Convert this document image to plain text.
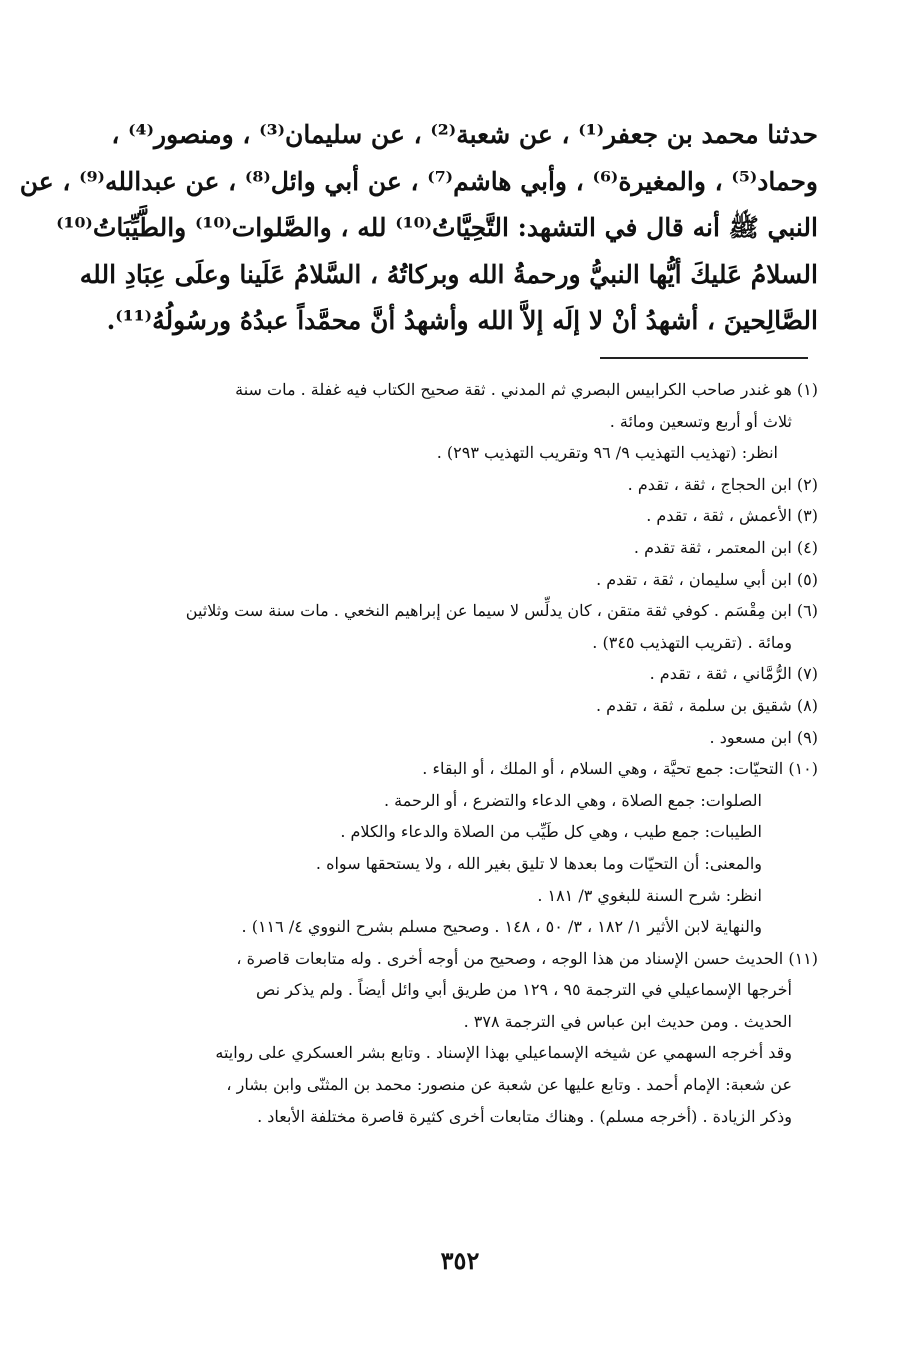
حدثنا محمد بن جعفر⁽¹⁾ ، عن شعبة⁽²⁾ ، عن سليمان⁽³⁾ ، ومنصور⁽⁴⁾ ،
وحماد⁽⁵⁾ ، والمغيرة⁽⁶⁾ ، وأبي هاشم⁽⁷⁾ ، عن أبي وائل⁽⁸⁾ ، عن عبدالله⁽⁹⁾ ، عن
النبي ﷺ أنه قال في التشهد: التَّحِيَّاتُ⁽¹⁰⁾ لله ، والصَّلوات⁽¹⁰⁾ والطَّيِّبَاتُ⁽¹⁰⁾
السلامُ عَليكَ أيُّها النبيُّ ورحمةُ الله وبركاتُهُ ، السَّلامُ عَلَينا وعلَى عِبَادِ الله
الصَّالِحينَ ، أشهدُ أنْ لا إلَه إلاَّ الله وأشهدُ أنَّ محمَّداً عبدُهُ ورسُولُهُ⁽¹¹⁾.
(١) هو غندر صاحب الكرابيس البصري ثم المدني . ثقة صحيح الكتاب فيه غفلة . مات سنة
ثلاث أو أربع وتسعين ومائة .
انظر: (تهذيب التهذيب ٩/ ٩٦ وتقريب التهذيب ٢٩٣) .
(٢) ابن الحجاج ، ثقة ، تقدم .
(٣) الأعمش ، ثقة ، تقدم .
(٤) ابن المعتمر ، ثقة تقدم .
(٥) ابن أبي سليمان ، ثقة ، تقدم .
(٦) ابن مِقْسَم . كوفي ثقة متقن ، كان يدلِّس لا سيما عن إبراهيم النخعي . مات سنة ست وثلاثين
ومائة . (تقريب التهذيب ٣٤٥) .
(٧) الرُّمَّاني ، ثقة ، تقدم .
(٨) شقيق بن سلمة ، ثقة ، تقدم .
(٩) ابن مسعود .
(١٠) التحيّات: جمع تحيَّة ، وهي السلام ، أو الملك ، أو البقاء .
الصلوات: جمع الصلاة ، وهي الدعاء والتضرع ، أو الرحمة .
الطيبات: جمع طيب ، وهي كل طَيِّب من الصلاة والدعاء والكلام .
والمعنى: أن التحيّات وما بعدها لا تليق بغير الله ، ولا يستحقها سواه .
انظر: شرح السنة للبغوي ٣/ ١٨١ .
والنهاية لابن الأثير ١/ ١٨٢ ، ٣/ ٥٠ ، ١٤٨ . وصحيح مسلم بشرح النووي ٤/ ١١٦) .
(١١) الحديث حسن الإسناد من هذا الوجه ، وصحيح من أوجه أخرى . وله متابعات قاصرة ،
أخرجها الإسماعيلي في الترجمة ٩٥ ، ١٢٩ من طريق أبي وائل أيضاً . ولم يذكر نص
الحديث . ومن حديث ابن عباس في الترجمة ٣٧٨ .
وقد أخرجه السهمي عن شيخه الإسماعيلي بهذا الإسناد . وتابع بشر العسكري على روايته
عن شعبة: الإمام أحمد . وتابع عليها عن شعبة عن منصور: محمد بن المثنّى وابن بشار ،
وذكر الزيادة . (أخرجه مسلم) . وهناك متابعات أخرى كثيرة قاصرة مختلفة الأبعاد .
٣٥٢
